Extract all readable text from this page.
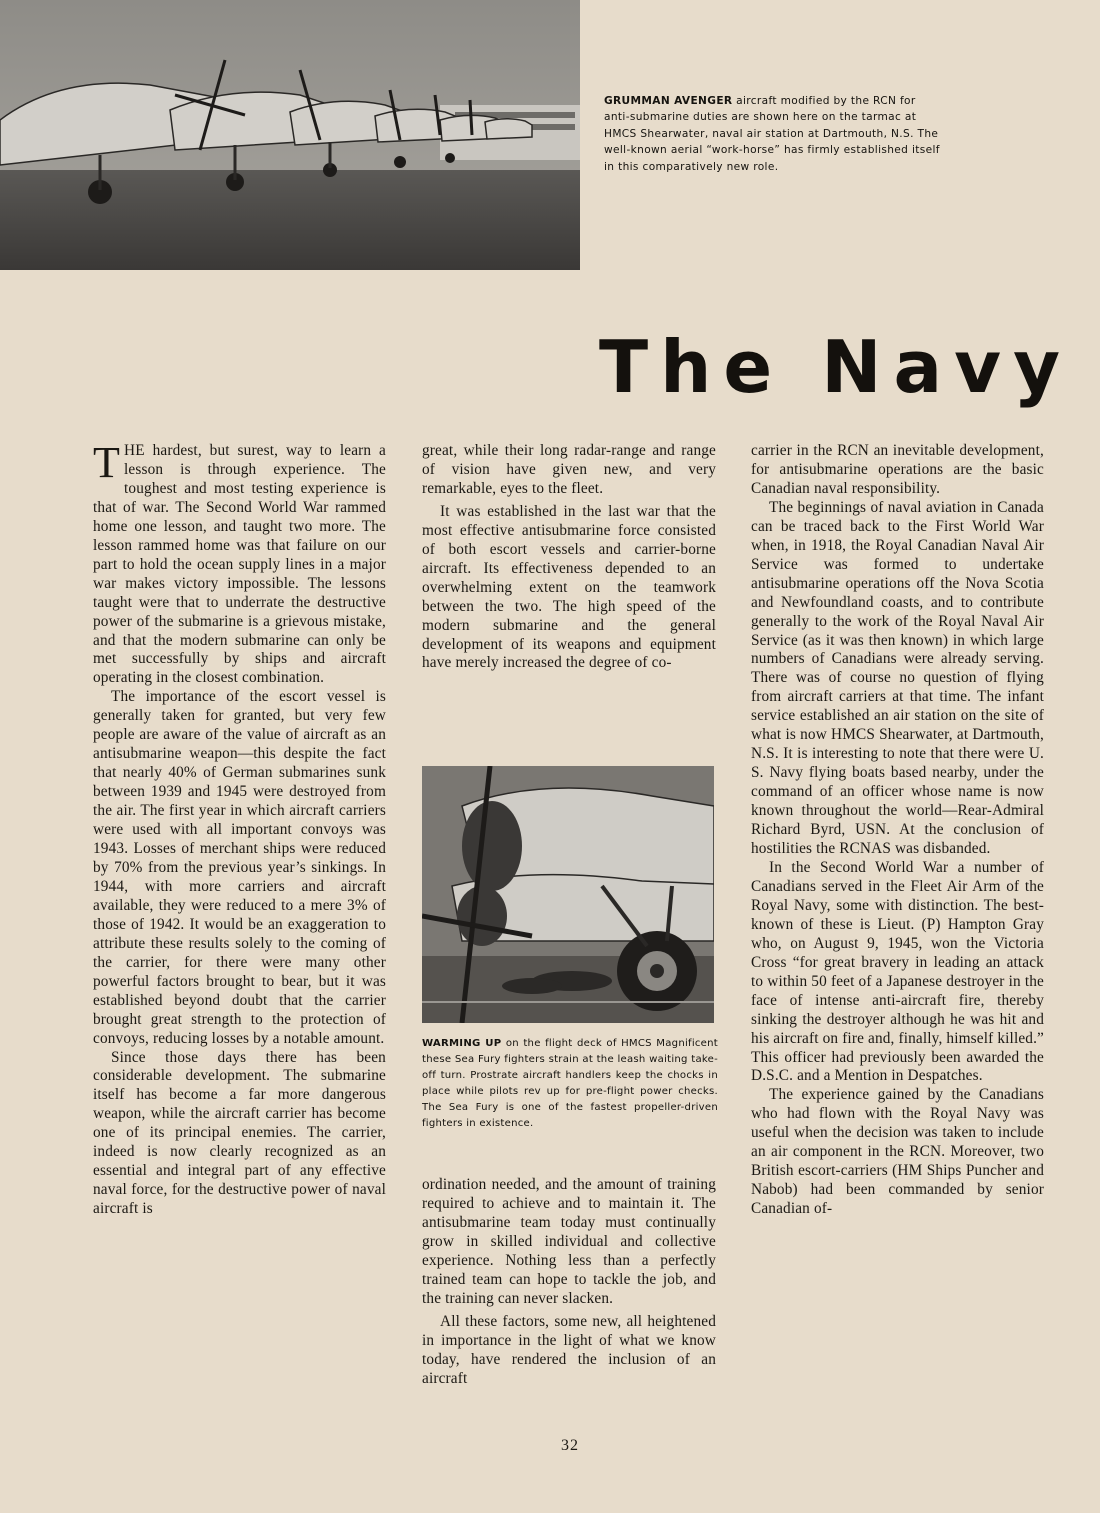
GRUMMAN AVENGER aircraft modified by the RCN for anti-submarine duties are shown here on the tarmac at HMCS Shearwater, naval air station at Dartmouth, N.S. The well-known aerial “work-horse” has firmly established itself in this comparatively new role.

The Navy

THE hardest, but surest, way to learn a lesson is through experience. The toughest and most testing experience is that of war. The Second World War rammed home one lesson, and taught two more. The lesson rammed home was that failure on our part to hold the ocean supply lines in a major war makes victory impossible. The lessons taught were that to underrate the destructive power of the submarine is a grievous mistake, and that the modern submarine can only be met successfully by ships and aircraft operating in the closest combination.

The importance of the escort vessel is generally taken for granted, but very few people are aware of the value of aircraft as an antisubmarine weapon—this despite the fact that nearly 40% of German submarines sunk between 1939 and 1945 were destroyed from the air. The first year in which aircraft carriers were used with all important convoys was 1943. Losses of merchant ships were reduced by 70% from the previous year’s sinkings. In 1944, with more carriers and aircraft available, they were reduced to a mere 3% of those of 1942. It would be an exaggeration to attribute these results solely to the coming of the carrier, for there were many other powerful factors brought to bear, but it was established beyond doubt that the carrier brought great strength to the protection of convoys, reducing losses by a notable amount.

Since those days there has been considerable development. The submarine itself has become a far more dangerous weapon, while the aircraft carrier has become one of its principal enemies. The carrier, indeed is now clearly recognized as an essential and integral part of any effective naval force, for the destructive power of naval aircraft is

great, while their long radar-range and range of vision have given new, and very remarkable, eyes to the fleet.

It was established in the last war that the most effective antisubmarine force consisted of both escort vessels and carrier-borne aircraft. Its effectiveness depended to an overwhelming extent on the teamwork between the two. The high speed of the modern submarine and the general development of its weapons and equipment have merely increased the degree of co-

WARMING UP on the flight deck of HMCS Magnificent these Sea Fury fighters strain at the leash waiting take-off turn. Prostrate aircraft handlers keep the chocks in place while pilots rev up for pre-flight power checks. The Sea Fury is one of the fastest propeller-driven fighters in existence.

ordination needed, and the amount of training required to achieve and to maintain it. The antisubmarine team today must continually grow in skilled individual and collective experience. Nothing less than a perfectly trained team can hope to tackle the job, and the training can never slacken.

All these factors, some new, all heightened in importance in the light of what we know today, have rendered the inclusion of an aircraft

carrier in the RCN an inevitable development, for antisubmarine operations are the basic Canadian naval responsibility.

The beginnings of naval aviation in Canada can be traced back to the First World War when, in 1918, the Royal Canadian Naval Air Service was formed to undertake antisubmarine operations off the Nova Scotia and Newfoundland coasts, and to contribute generally to the work of the Royal Naval Air Service (as it was then known) in which large numbers of Canadians were already serving. There was of course no question of flying from aircraft carriers at that time. The infant service established an air station on the site of what is now HMCS Shearwater, at Dartmouth, N.S. It is interesting to note that there were U. S. Navy flying boats based nearby, under the command of an officer whose name is now known throughout the world—Rear-Admiral Richard Byrd, USN. At the conclusion of hostilities the RCNAS was disbanded.

In the Second World War a number of Canadians served in the Fleet Air Arm of the Royal Navy, some with distinction. The best-known of these is Lieut. (P) Hampton Gray who, on August 9, 1945, won the Victoria Cross “for great bravery in leading an attack to within 50 feet of a Japanese destroyer in the face of intense anti-aircraft fire, thereby sinking the destroyer although he was hit and his aircraft on fire and, finally, himself killed.” This officer had previously been awarded the D.S.C. and a Mention in Despatches.

The experience gained by the Canadians who had flown with the Royal Navy was useful when the decision was taken to include an air component in the RCN. Moreover, two British escort-carriers (HM Ships Puncher and Nabob) had been commanded by senior Canadian of-

32
